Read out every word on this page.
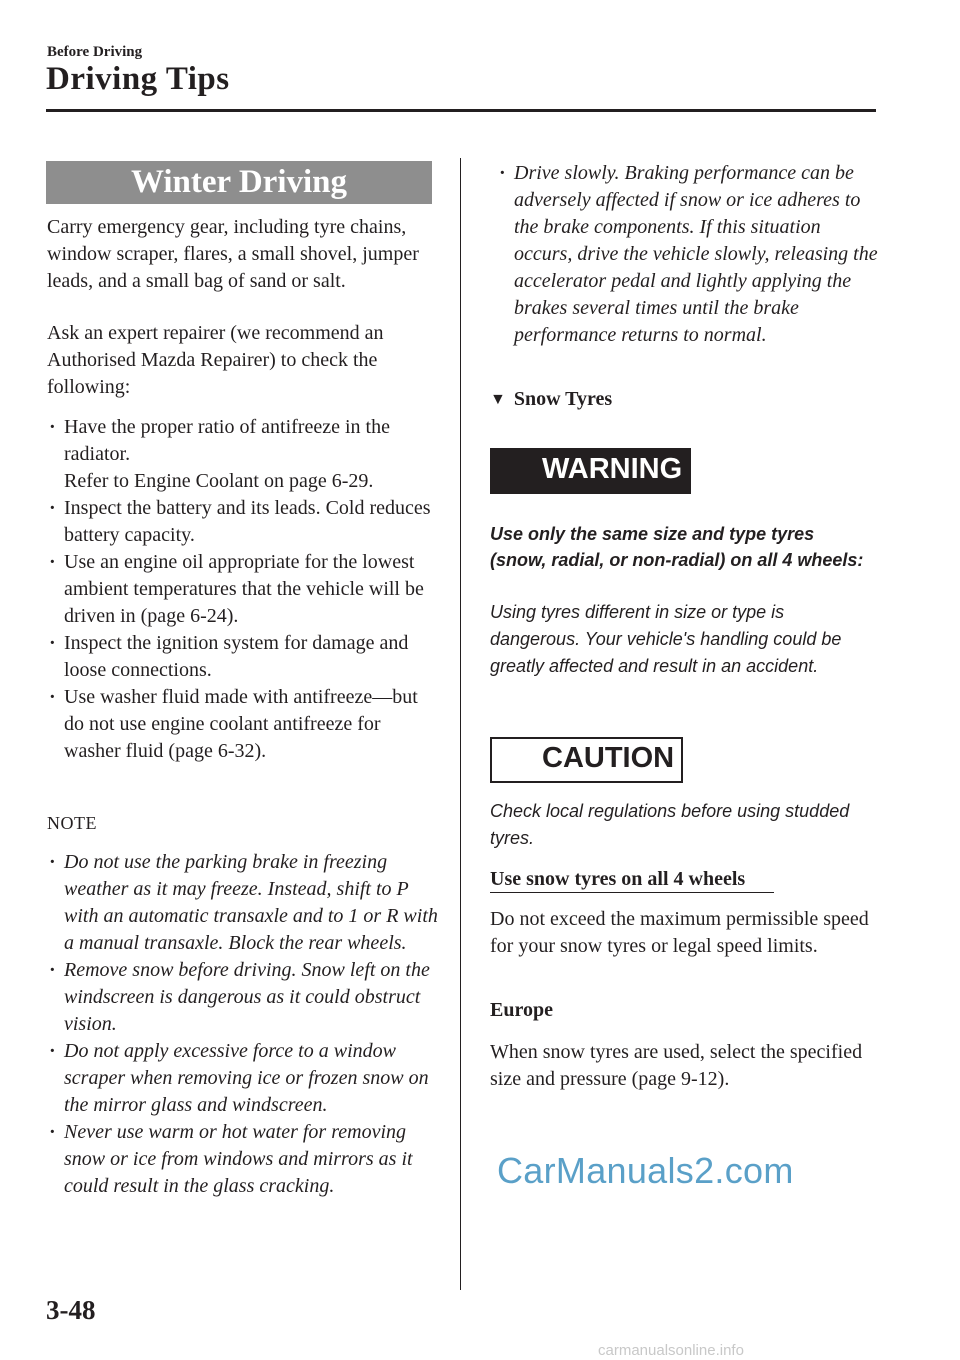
Before Driving
Driving Tips
Winter Driving
Carry emergency gear, including tyre chains, window scraper, flares, a small shovel, jumper leads, and a small bag of sand or salt.
Ask an expert repairer (we recommend an Authorised Mazda Repairer) to check the following:
· Have the proper ratio of antifreeze in the radiator.
Refer to Engine Coolant on page 6-29.
· Inspect the battery and its leads. Cold reduces battery capacity.
· Use an engine oil appropriate for the lowest ambient temperatures that the vehicle will be driven in (page 6-24).
· Inspect the ignition system for damage and loose connections.
· Use washer fluid made with antifreeze—but do not use engine coolant antifreeze for washer fluid (page 6-32).
NOTE
· Do not use the parking brake in freezing weather as it may freeze. Instead, shift to P with an automatic transaxle and to 1 or R with a manual transaxle. Block the rear wheels.
· Remove snow before driving. Snow left on the windscreen is dangerous as it could obstruct vision.
· Do not apply excessive force to a window scraper when removing ice or frozen snow on the mirror glass and windscreen.
· Never use warm or hot water for removing snow or ice from windows and mirrors as it could result in the glass cracking.
· Drive slowly. Braking performance can be adversely affected if snow or ice adheres to the brake components. If this situation occurs, drive the vehicle slowly, releasing the accelerator pedal and lightly applying the brakes several times until the brake performance returns to normal.
▼ Snow Tyres
WARNING
Use only the same size and type tyres (snow, radial, or non-radial) on all 4 wheels:
Using tyres different in size or type is dangerous. Your vehicle's handling could be greatly affected and result in an accident.
CAUTION
Check local regulations before using studded tyres.
Use snow tyres on all 4 wheels
Do not exceed the maximum permissible speed for your snow tyres or legal speed limits.
Europe
When snow tyres are used, select the specified size and pressure (page 9-12).
CarManuals2.com
3-48
carmanualsonline.info
